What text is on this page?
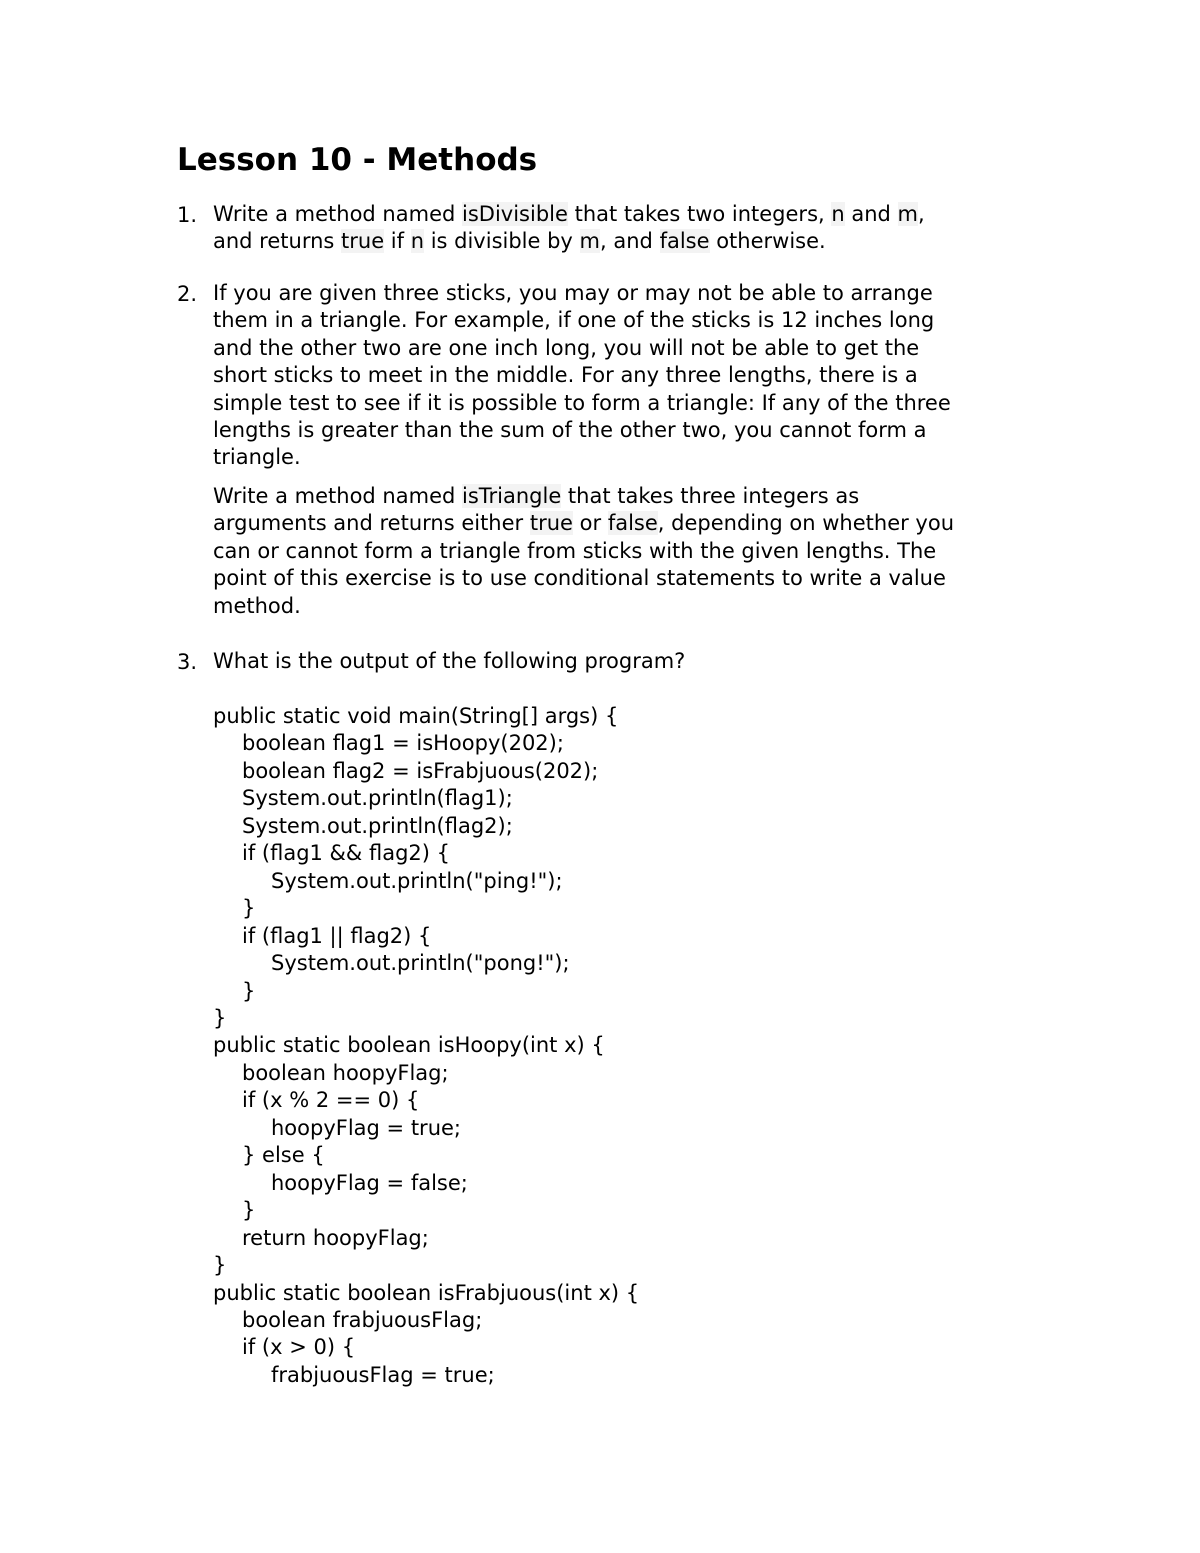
Lesson 10 - Methods
1. Write a method named isDivisible that takes two integers, n and m,
and returns true if n is divisible by m, and false otherwise.
2. If you are given three sticks, you may or may not be able to arrange
them in a triangle. For example, if one of the sticks is 12 inches long
and the other two are one inch long, you will not be able to get the
short sticks to meet in the middle. For any three lengths, there is a
simple test to see if it is possible to form a triangle: If any of the three
lengths is greater than the sum of the other two, you cannot form a
triangle.
Write a method named isTriangle that takes three integers as
arguments and returns either true or false, depending on whether you
can or cannot form a triangle from sticks with the given lengths. The
point of this exercise is to use conditional statements to write a value
method.
3. What is the output of the following program?
public static void main(String[] args) {
boolean flag1 = isHoopy(202);
boolean flag2 = isFrabjuous(202);
System.out.println(flag1);
System.out.println(flag2);
if (flag1 && flag2) {
System.out.println("ping!");
}
if (flag1 || flag2) {
System.out.println("pong!");
}
}
public static boolean isHoopy(int x) {
boolean hoopyFlag;
if (x % 2 == 0) {
hoopyFlag = true;
} else {
hoopyFlag = false;
}
return hoopyFlag;
}
public static boolean isFrabjuous(int x) {
boolean frabjuousFlag;
if (x > 0) {
frabjuousFlag = true;
